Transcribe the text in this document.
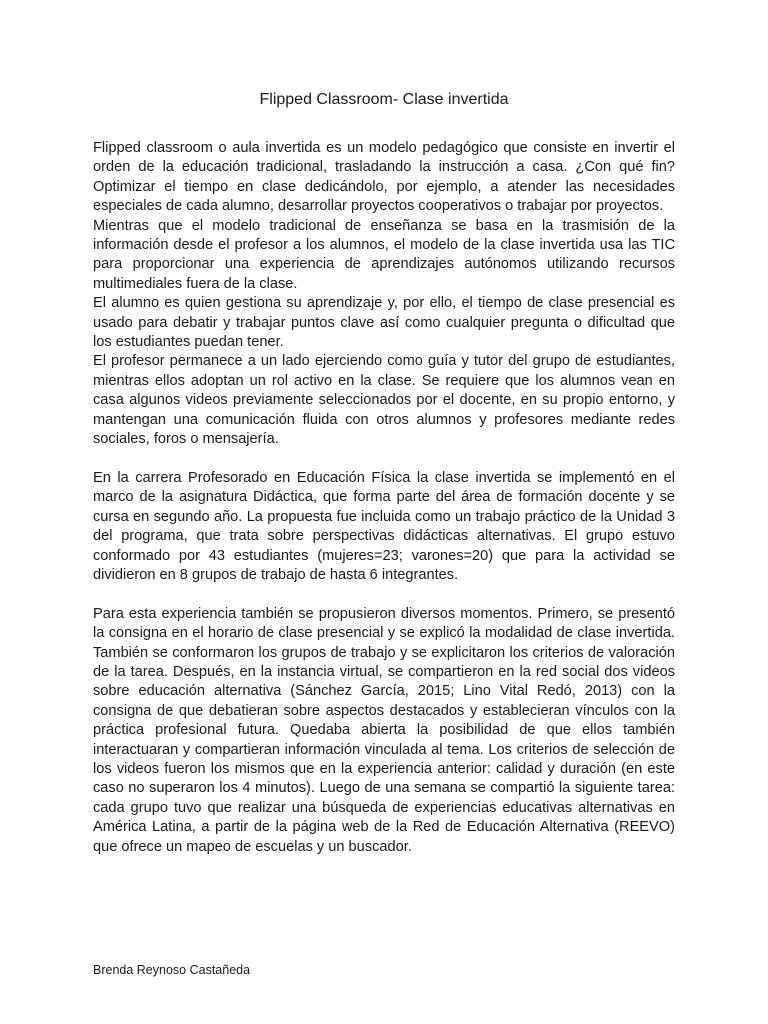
Flipped Classroom- Clase invertida

Flipped classroom o aula invertida es un modelo pedagógico que consiste en invertir el orden de la educación tradicional, trasladando la instrucción a casa. ¿Con qué fin? Optimizar el tiempo en clase dedicándolo, por ejemplo, a atender las necesidades especiales de cada alumno, desarrollar proyectos cooperativos o trabajar por proyectos.

Mientras que el modelo tradicional de enseñanza se basa en la trasmisión de la información desde el profesor a los alumnos, el modelo de la clase invertida usa las TIC para proporcionar una experiencia de aprendizajes autónomos utilizando recursos multimediales fuera de la clase.

El alumno es quien gestiona su aprendizaje y, por ello, el tiempo de clase presencial es usado para debatir y trabajar puntos clave así como cualquier pregunta o dificultad que los estudiantes puedan tener.

El profesor permanece a un lado ejerciendo como guía y tutor del grupo de estudiantes, mientras ellos adoptan un rol activo en la clase. Se requiere que los alumnos vean en casa algunos videos previamente seleccionados por el docente, en su propio entorno, y mantengan una comunicación fluida con otros alumnos y profesores mediante redes sociales, foros o mensajería.

En la carrera Profesorado en Educación Física la clase invertida se implementó en el marco de la asignatura Didáctica, que forma parte del área de formación docente y se cursa en segundo año. La propuesta fue incluida como un trabajo práctico de la Unidad 3 del programa, que trata sobre perspectivas didácticas alternativas. El grupo estuvo conformado por 43 estudiantes (mujeres=23; varones=20) que para la actividad se dividieron en 8 grupos de trabajo de hasta 6 integrantes.

Para esta experiencia también se propusieron diversos momentos. Primero, se presentó la consigna en el horario de clase presencial y se explicó la modalidad de clase invertida. También se conformaron los grupos de trabajo y se explicitaron los criterios de valoración de la tarea. Después, en la instancia virtual, se compartieron en la red social dos videos sobre educación alternativa (Sánchez García, 2015; Lino Vital Redó, 2013) con la consigna de que debatieran sobre aspectos destacados y establecieran vínculos con la práctica profesional futura. Quedaba abierta la posibilidad de que ellos también interactuaran y compartieran información vinculada al tema. Los criterios de selección de los videos fueron los mismos que en la experiencia anterior: calidad y duración (en este caso no superaron los 4 minutos). Luego de una semana se compartió la siguiente tarea: cada grupo tuvo que realizar una búsqueda de experiencias educativas alternativas en América Latina, a partir de la página web de la Red de Educación Alternativa (REEVO) que ofrece un mapeo de escuelas y un buscador.

Brenda Reynoso Castañeda
